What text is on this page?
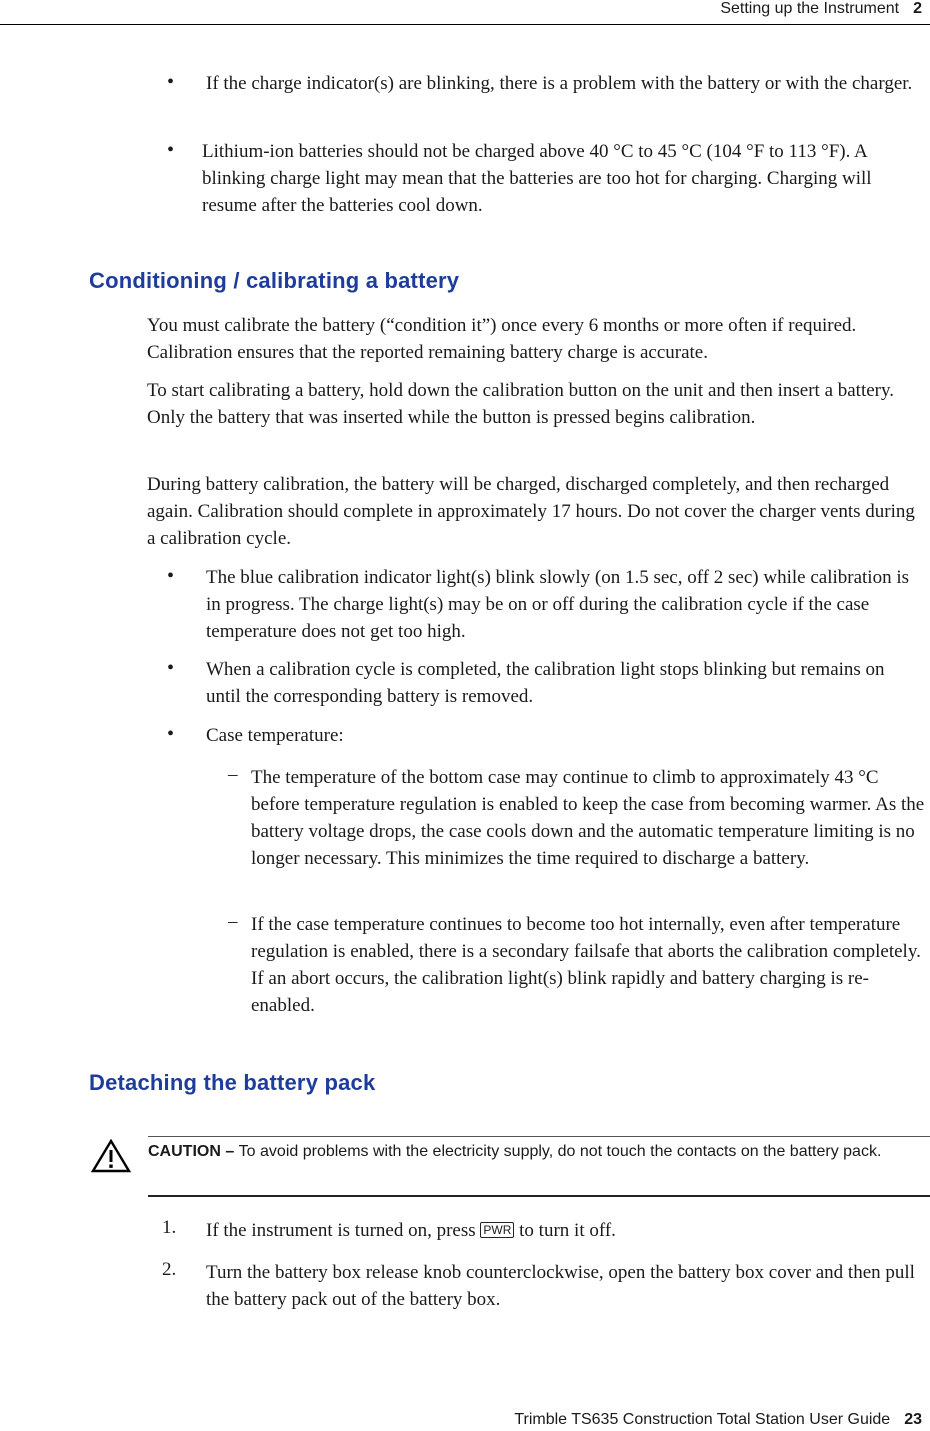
Setting up the Instrument 2
• If the charge indicator(s) are blinking, there is a problem with the battery or with the charger.
• Lithium-ion batteries should not be charged above 40 °C to 45 °C (104 °F to 113 °F). A blinking charge light may mean that the batteries are too hot for charging. Charging will resume after the batteries cool down.
Conditioning / calibrating a battery
You must calibrate the battery (“condition it”) once every 6 months or more often if required. Calibration ensures that the reported remaining battery charge is accurate.
To start calibrating a battery, hold down the calibration button on the unit and then insert a battery. Only the battery that was inserted while the button is pressed begins calibration.
During battery calibration, the battery will be charged, discharged completely, and then recharged again. Calibration should complete in approximately 17 hours. Do not cover the charger vents during a calibration cycle.
• The blue calibration indicator light(s) blink slowly (on 1.5 sec, off 2 sec) while calibration is in progress. The charge light(s) may be on or off during the calibration cycle if the case temperature does not get too high.
• When a calibration cycle is completed, the calibration light stops blinking but remains on until the corresponding battery is removed.
• Case temperature:
– The temperature of the bottom case may continue to climb to approximately 43 °C before temperature regulation is enabled to keep the case from becoming warmer. As the battery voltage drops, the case cools down and the automatic temperature limiting is no longer necessary. This minimizes the time required to discharge a battery.
– If the case temperature continues to become too hot internally, even after temperature regulation is enabled, there is a secondary failsafe that aborts the calibration completely. If an abort occurs, the calibration light(s) blink rapidly and battery charging is re-enabled.
Detaching the battery pack
CAUTION – To avoid problems with the electricity supply, do not touch the contacts on the battery pack.
1. If the instrument is turned on, press PWR to turn it off.
2. Turn the battery box release knob counterclockwise, open the battery box cover and then pull the battery pack out of the battery box.
Trimble TS635 Construction Total Station User Guide 23
